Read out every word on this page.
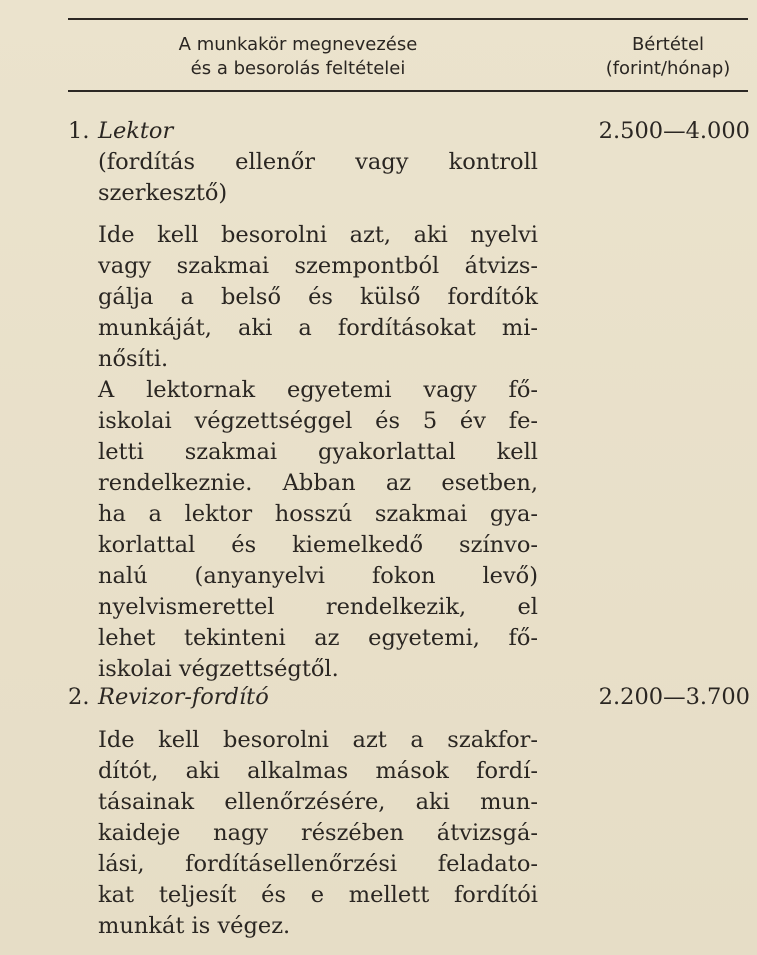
A munkakör megnevezése
és a besorolás feltételei
Bértétel
(forint/hónap)
1. Lektor	2.500—4.000
(fordítás ellenőr vagy kontroll
szerkesztő)
Ide kell besorolni azt, aki nyelvi
vagy szakmai szempontból átvizs-
gálja a belső és külső fordítók
munkáját, aki a fordításokat mi-
nősíti.
A lektornak egyetemi vagy fő-
iskolai végzettséggel és 5 év fe-
letti szakmai gyakorlattal kell
rendelkeznie. Abban az esetben,
ha a lektor hosszú szakmai gya-
korlattal és kiemelkedő színvo-
nalú (anyanyelvi fokon levő)
nyelvismerettel rendelkezik, el
lehet tekinteni az egyetemi, fő-
iskolai végzettségtől.
2. Revizor-fordító	2.200—3.700
Ide kell besorolni azt a szakfor-
dítót, aki alkalmas mások fordí-
tásainak ellenőrzésére, aki mun-
kaideje nagy részében átvizsgá-
lási, fordításellenőrzési feladato-
kat teljesít és e mellett fordítói
munkát is végez.
